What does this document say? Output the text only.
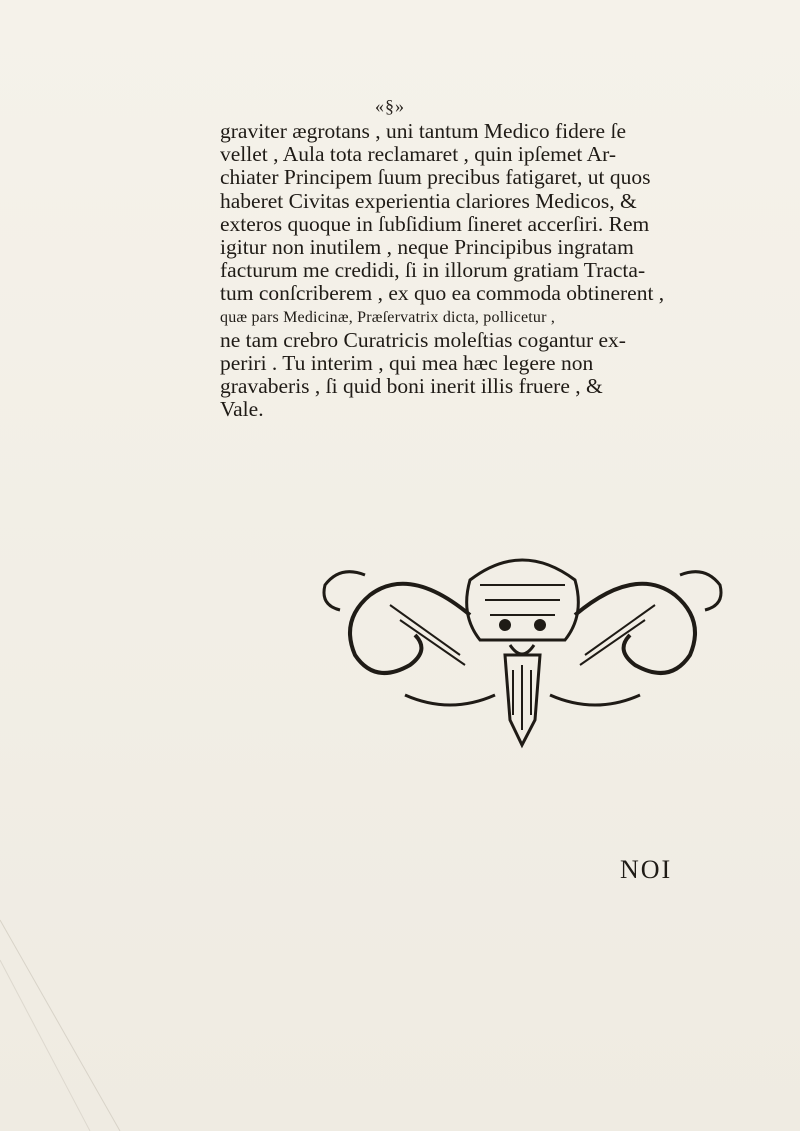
«§»
graviter ægrotans , uni tantum Medico fidere ſe
vellet , Aula tota reclamaret , quin ipſemet Ar-
chiater Principem ſuum precibus fatigaret, ut quos
haberet Civitas experientia clariores Medicos, &
exteros quoque in ſubſidium ſineret accerſiri. Rem
igitur non inutilem , neque Principibus ingratam
facturum me credidi, ſi in illorum gratiam Tracta-
tum conſcriberem , ex quo ea commoda obtinerent ,
quæ pars Medicinæ, Præſervatrix dicta, pollicetur ,
ne tam crebro Curatricis moleſtias cogantur ex-
periri . Tu interim , qui mea hæc legere non
gravaberis , ſi quid boni inerit illis fruere , &
Vale.
NOI
